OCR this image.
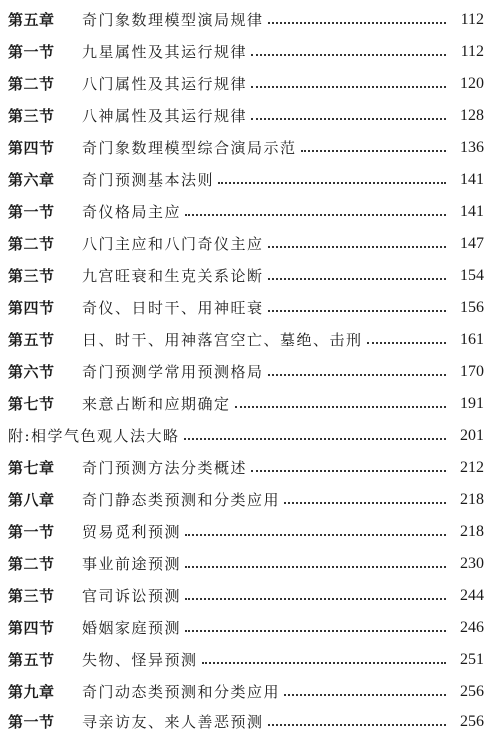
第五章	奇门象数理模型演局规律	112
第一节	九星属性及其运行规律	112
第二节	八门属性及其运行规律	120
第三节	八神属性及其运行规律	128
第四节	奇门象数理模型综合演局示范	136
第六章	奇门预测基本法则	141
第一节	奇仪格局主应	141
第二节	八门主应和八门奇仪主应	147
第三节	九宫旺衰和生克关系论断	154
第四节	奇仪、日时干、用神旺衰	156
第五节	日、时干、用神落宫空亡、墓绝、击刑	161
第六节	奇门预测学常用预测格局	170
第七节	来意占断和应期确定	191
附:相学气色观人法大略	201
第七章	奇门预测方法分类概述	212
第八章	奇门静态类预测和分类应用	218
第一节	贸易觅利预测	218
第二节	事业前途预测	230
第三节	官司诉讼预测	244
第四节	婚姻家庭预测	246
第五节	失物、怪异预测	251
第九章	奇门动态类预测和分类应用	256
第一节	寻亲访友、来人善恶预测	256
